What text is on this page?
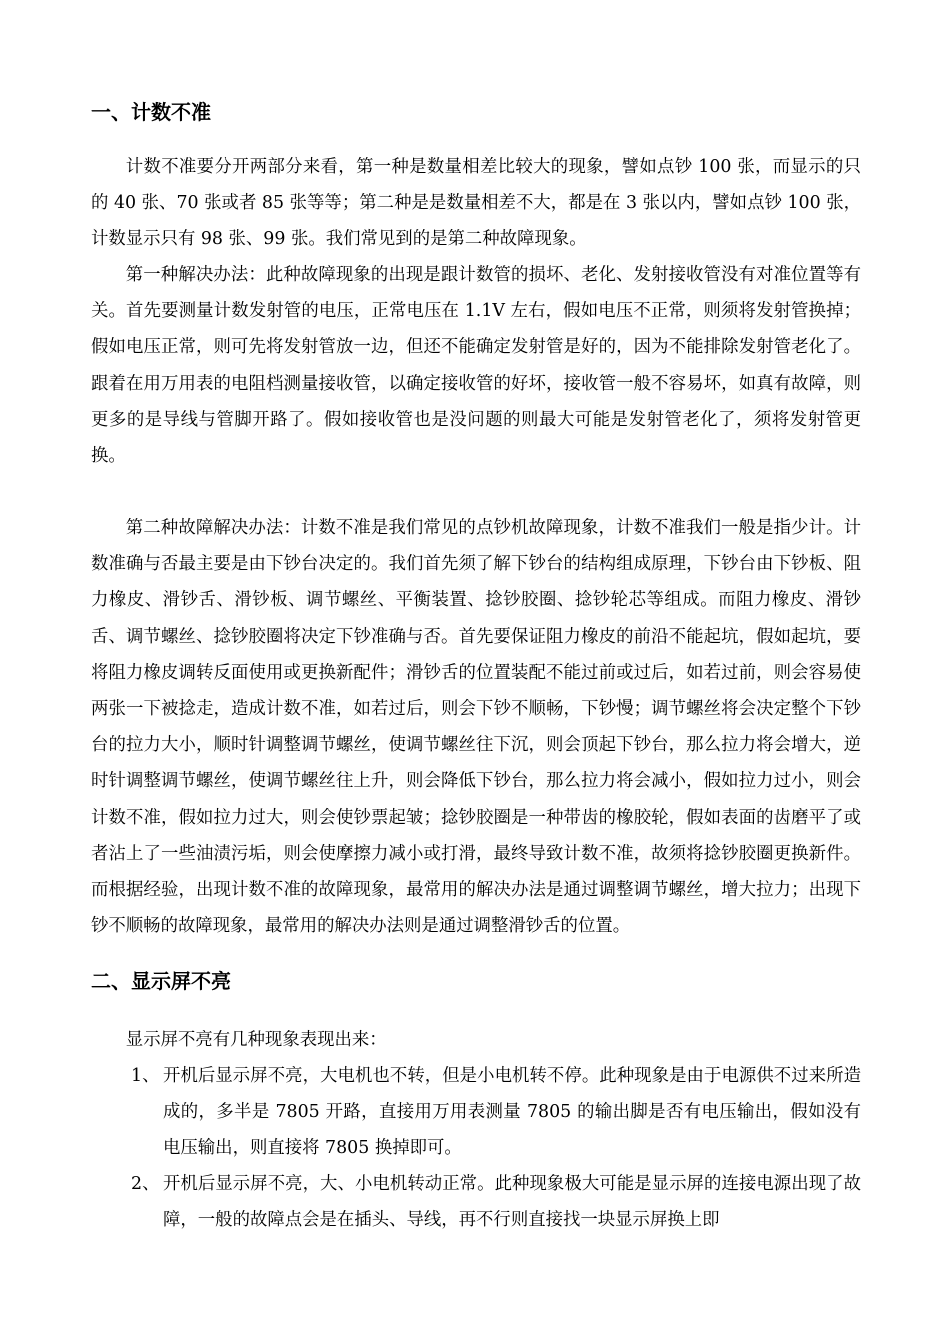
一、计数不准

计数不准要分开两部分来看，第一种是数量相差比较大的现象，譬如点钞 100 张，而显示的只的 40 张、70 张或者 85 张等等；第二种是是数量相差不大，都是在 3 张以内，譬如点钞 100 张，计数显示只有 98 张、99 张。我们常见到的是第二种故障现象。

第一种解决办法：此种故障现象的出现是跟计数管的损坏、老化、发射接收管没有对准位置等有关。首先要测量计数发射管的电压，正常电压在 1.1V 左右，假如电压不正常，则须将发射管换掉；假如电压正常，则可先将发射管放一边，但还不能确定发射管是好的，因为不能排除发射管老化了。跟着在用万用表的电阻档测量接收管，以确定接收管的好坏，接收管一般不容易坏，如真有故障，则更多的是导线与管脚开路了。假如接收管也是没问题的则最大可能是发射管老化了，须将发射管更换。

第二种故障解决办法：计数不准是我们常见的点钞机故障现象，计数不准我们一般是指少计。计数准确与否最主要是由下钞台决定的。我们首先须了解下钞台的结构组成原理，下钞台由下钞板、阻力橡皮、滑钞舌、滑钞板、调节螺丝、平衡装置、捻钞胶圈、捻钞轮芯等组成。而阻力橡皮、滑钞舌、调节螺丝、捻钞胶圈将决定下钞准确与否。首先要保证阻力橡皮的前沿不能起坑，假如起坑，要将阻力橡皮调转反面使用或更换新配件；滑钞舌的位置装配不能过前或过后，如若过前，则会容易使两张一下被捻走，造成计数不准，如若过后，则会下钞不顺畅，下钞慢；调节螺丝将会决定整个下钞台的拉力大小，顺时针调整调节螺丝，使调节螺丝往下沉，则会顶起下钞台，那么拉力将会增大，逆时针调整调节螺丝，使调节螺丝往上升，则会降低下钞台，那么拉力将会减小，假如拉力过小，则会计数不准，假如拉力过大，则会使钞票起皱；捻钞胶圈是一种带齿的橡胶轮，假如表面的齿磨平了或者沾上了一些油渍污垢，则会使摩擦力减小或打滑，最终导致计数不准，故须将捻钞胶圈更换新件。而根据经验，出现计数不准的故障现象，最常用的解决办法是通过调整调节螺丝，增大拉力；出现下钞不顺畅的故障现象，最常用的解决办法则是通过调整滑钞舌的位置。

二、显示屏不亮

显示屏不亮有几种现象表现出来：

1、 开机后显示屏不亮，大电机也不转，但是小电机转不停。此种现象是由于电源供不过来所造成的，多半是 7805 开路，直接用万用表测量 7805 的输出脚是否有电压输出，假如没有电压输出，则直接将 7805 换掉即可。

2、 开机后显示屏不亮，大、小电机转动正常。此种现象极大可能是显示屏的连接电源出现了故障，一般的故障点会是在插头、导线，再不行则直接找一块显示屏换上即
